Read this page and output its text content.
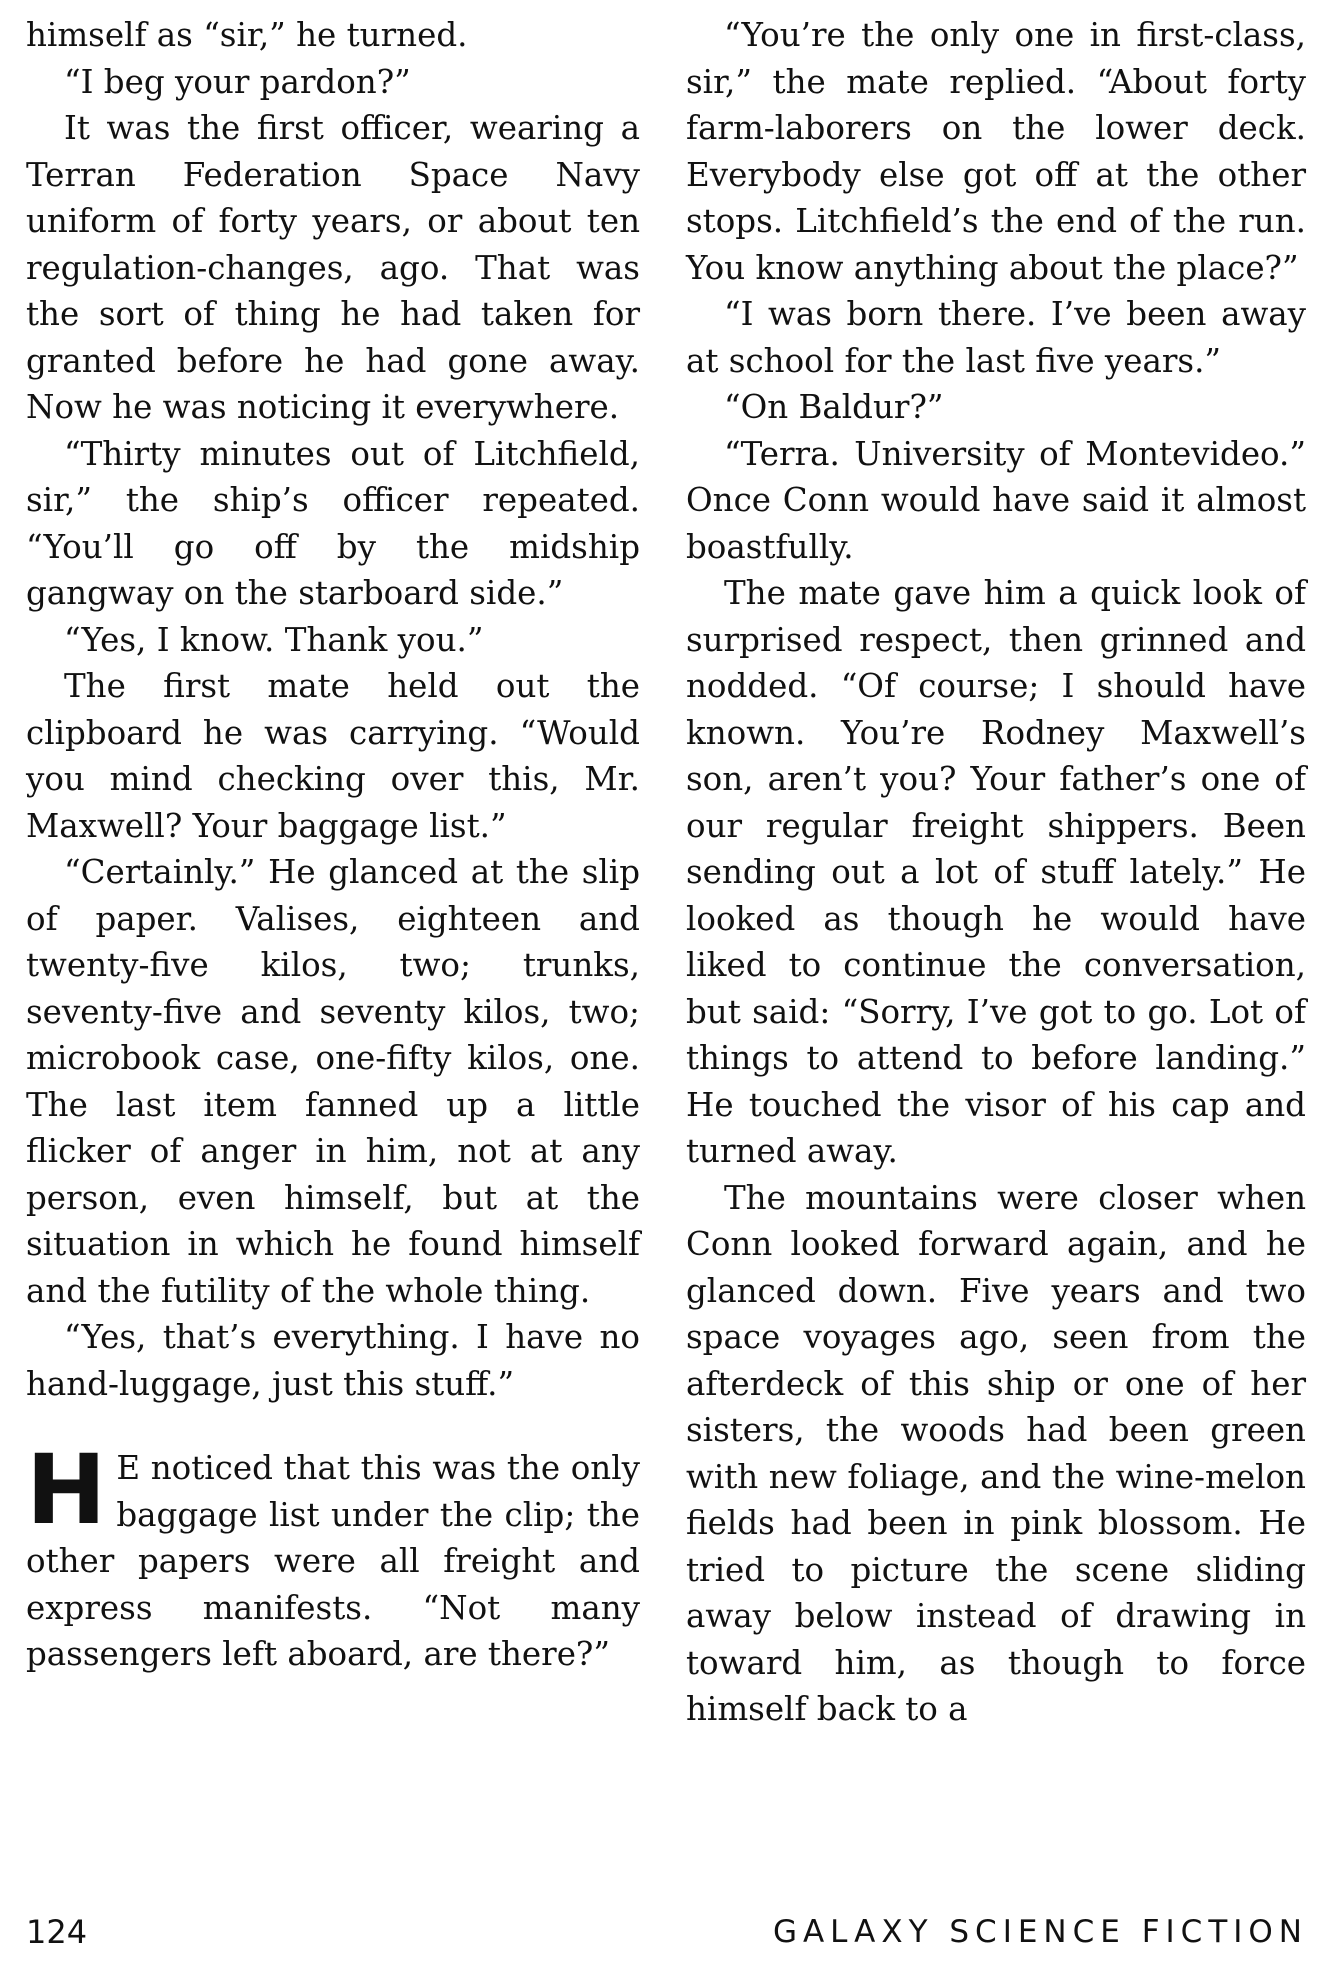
himself as “sir,” he turned.

“I beg your pardon?”

It was the first officer, wearing a Terran Federation Space Navy uniform of forty years, or about ten regulation-changes, ago. That was the sort of thing he had taken for granted before he had gone away. Now he was noticing it everywhere.

“Thirty minutes out of Litchfield, sir,” the ship’s officer repeated. “You’ll go off by the midship gangway on the starboard side.”

“Yes, I know. Thank you.”

The first mate held out the clipboard he was carrying. “Would you mind checking over this, Mr. Maxwell? Your baggage list.”

“Certainly.” He glanced at the slip of paper. Valises, eighteen and twenty-five kilos, two; trunks, seventy-five and seventy kilos, two; microbook case, one-fifty kilos, one. The last item fanned up a little flicker of anger in him, not at any person, even himself, but at the situation in which he found himself and the futility of the whole thing.

“Yes, that’s everything. I have no hand-luggage, just this stuff.”

H E noticed that this was the only baggage list under the clip; the other papers were all freight and express manifests. “Not many passengers left aboard, are there?”

“You’re the only one in first-class, sir,” the mate replied. “About forty farm-laborers on the lower deck. Everybody else got off at the other stops. Litchfield’s the end of the run. You know anything about the place?”

“I was born there. I’ve been away at school for the last five years.”

“On Baldur?”

“Terra. University of Montevideo.” Once Conn would have said it almost boastfully.

The mate gave him a quick look of surprised respect, then grinned and nodded. “Of course; I should have known. You’re Rodney Maxwell’s son, aren’t you? Your father’s one of our regular freight shippers. Been sending out a lot of stuff lately.” He looked as though he would have liked to continue the conversation, but said: “Sorry, I’ve got to go. Lot of things to attend to before landing.” He touched the visor of his cap and turned away.

The mountains were closer when Conn looked forward again, and he glanced down. Five years and two space voyages ago, seen from the afterdeck of this ship or one of her sisters, the woods had been green with new foliage, and the wine-melon fields had been in pink blossom. He tried to picture the scene sliding away below instead of drawing in toward him, as though to force himself back to a

124	GALAXY SCIENCE FICTION
